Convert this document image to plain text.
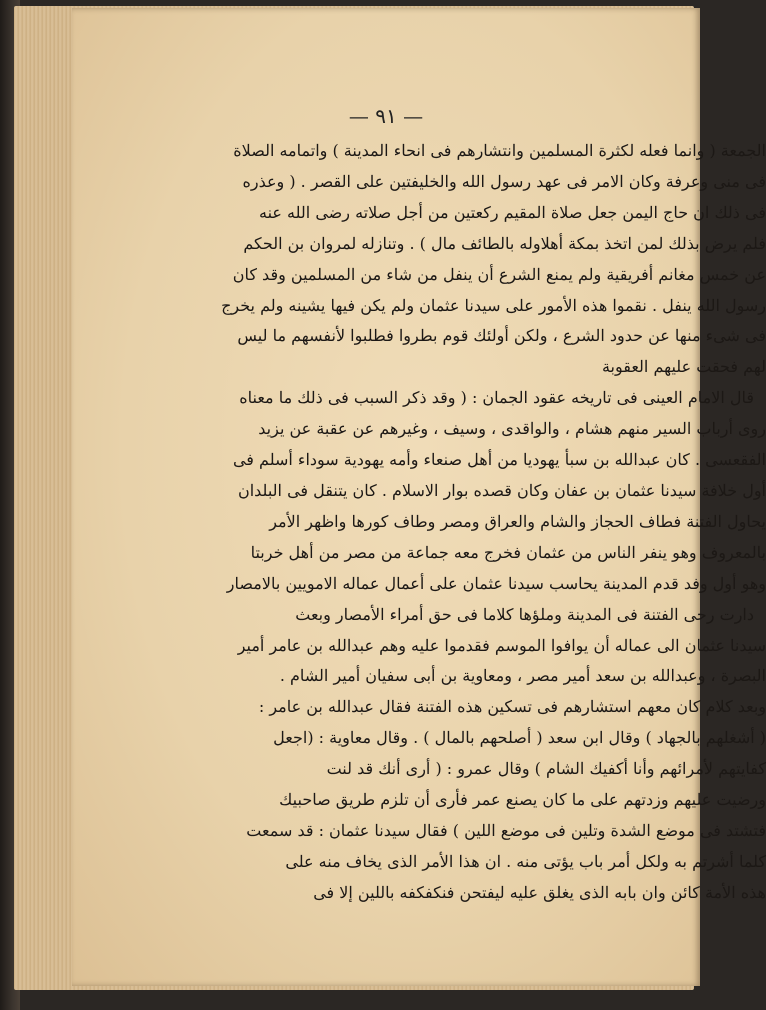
— ٩١ —
الجمعة ( وانما فعله لكثرة المسلمين وانتشارهم فى انحاء المدينة ) واتمامه الصلاة
فى منى وعرفة وكان الامر فى عهد رسول الله والخليفتين على القصر . ( وعذره
فى ذلك ان حاج اليمن جعل صلاة المقيم ركعتين من أجل صلاته رضى الله عنه
فلم يرض بذلك لمن اتخذ بمكة أهلاوله بالطائف مال ) . وتنازله لمروان بن الحكم
عن خمس مغانم أفريقية ولم يمنع الشرع أن ينفل من شاء من المسلمين وقد كان
رسول الله ينفل . نقموا هذه الأمور على سيدنا عثمان ولم يكن فيها يشينه ولم يخرج
فى شىء منها عن حدود الشرع ، ولكن أولئك قوم بطروا فطلبوا لأنفسهم ما ليس
لهم فحقت عليهم العقوبة
قال الامام العينى فى تاريخه عقود الجمان : ( وقد ذكر السبب فى ذلك ما معناه
روى أرباب السير منهم هشام ، والواقدى ، وسيف ، وغيرهم عن عقبة عن يزيد
الفقعسى . كان عبدالله بن سبأ يهوديا من أهل صنعاء وأمه يهودية سوداء أسلم فى
أول خلافة سيدنا عثمان بن عفان وكان قصده بوار الاسلام . كان يتنقل فى البلدان
يحاول الفتنة فطاف الحجاز والشام والعراق ومصر وطاف كورها واظهر الأمر
بالمعروف وهو ينفر الناس من عثمان فخرج معه جماعة من مصر من أهل خربتا
وهو أول وفد قدم المدينة يحاسب سيدنا عثمان على أعمال عماله الامويين بالامصار
دارت رحى الفتنة فى المدينة وملؤها كلاما فى حق أمراء الأمصار وبعث
سيدنا عثمان الى عماله أن يوافوا الموسم فقدموا عليه وهم عبدالله بن عامر أمير
البصرة ، وعبدالله بن سعد أمير مصر ، ومعاوية بن أبى سفيان أمير الشام .
وبعد كلام كان معهم استشارهم فى تسكين هذه الفتنة فقال عبدالله بن عامر :
( أشغلهم بالجهاد ) وقال ابن سعد ( أصلحهم بالمال ) . وقال معاوية : (اجعل
كفايتهم لأمرائهم وأنا أكفيك الشام ) وقال عمرو : ( أرى أنك قد لنت
ورضيت عليهم وزدتهم على ما كان يصنع عمر فأرى أن تلزم طريق صاحبيك
فتشتد فى موضع الشدة وتلين فى موضع اللين ) فقال سيدنا عثمان : قد سمعت
كلما أشرتم به ولكل أمر باب يؤتى منه . ان هذا الأمر الذى يخاف منه على
هذه الأمة كائن وان بابه الذى يغلق عليه ليفتحن فنكفكفه باللين إلا فى
